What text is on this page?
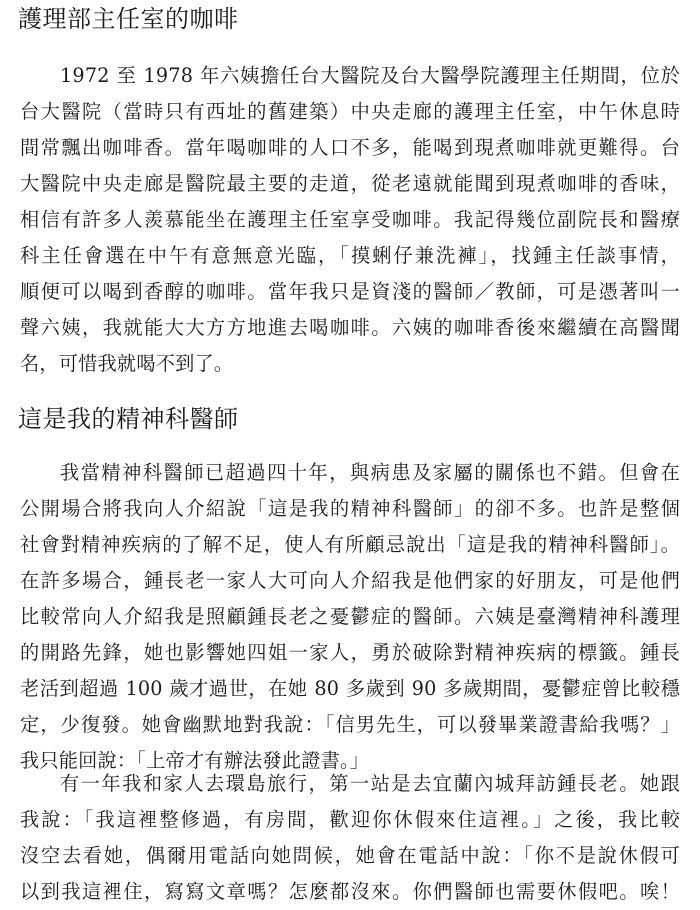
護理部主任室的咖啡
1972 至 1978 年六姨擔任台大醫院及台大醫學院護理主任期間，位於
台大醫院（當時只有西址的舊建築）中央走廊的護理主任室，中午休息時
間常飄出咖啡香。當年喝咖啡的人口不多，能喝到現煮咖啡就更難得。台
大醫院中央走廊是醫院最主要的走道，從老遠就能聞到現煮咖啡的香味，
相信有許多人羨慕能坐在護理主任室享受咖啡。我記得幾位副院長和醫療
科主任會選在中午有意無意光臨，「摸蜊仔兼洗褲」，找鍾主任談事情，
順便可以喝到香醇的咖啡。當年我只是資淺的醫師／教師，可是憑著叫一
聲六姨，我就能大大方方地進去喝咖啡。六姨的咖啡香後來繼續在高醫聞
名，可惜我就喝不到了。
這是我的精神科醫師
我當精神科醫師已超過四十年，與病患及家屬的關係也不錯。但會在
公開場合將我向人介紹說「這是我的精神科醫師」的卻不多。也許是整個
社會對精神疾病的了解不足，使人有所顧忌說出「這是我的精神科醫師」。
在許多場合，鍾長老一家人大可向人介紹我是他們家的好朋友，可是他們
比較常向人介紹我是照顧鍾長老之憂鬱症的醫師。六姨是臺灣精神科護理
的開路先鋒，她也影響她四姐一家人，勇於破除對精神疾病的標籤。鍾長
老活到超過 100 歲才過世，在她 80 多歲到 90 多歲期間，憂鬱症曾比較穩
定，少復發。她會幽默地對我說：「信男先生，可以發畢業證書給我嗎？」
我只能回說：「上帝才有辦法發此證書。」
有一年我和家人去環島旅行，第一站是去宜蘭內城拜訪鍾長老。她跟
我說：「我這裡整修過，有房間，歡迎你休假來住這裡。」之後，我比較
沒空去看她，偶爾用電話向她問候，她會在電話中說：「你不是說休假可
以到我這裡住，寫寫文章嗎？怎麼都沒來。你們醫師也需要休假吧。唉！
